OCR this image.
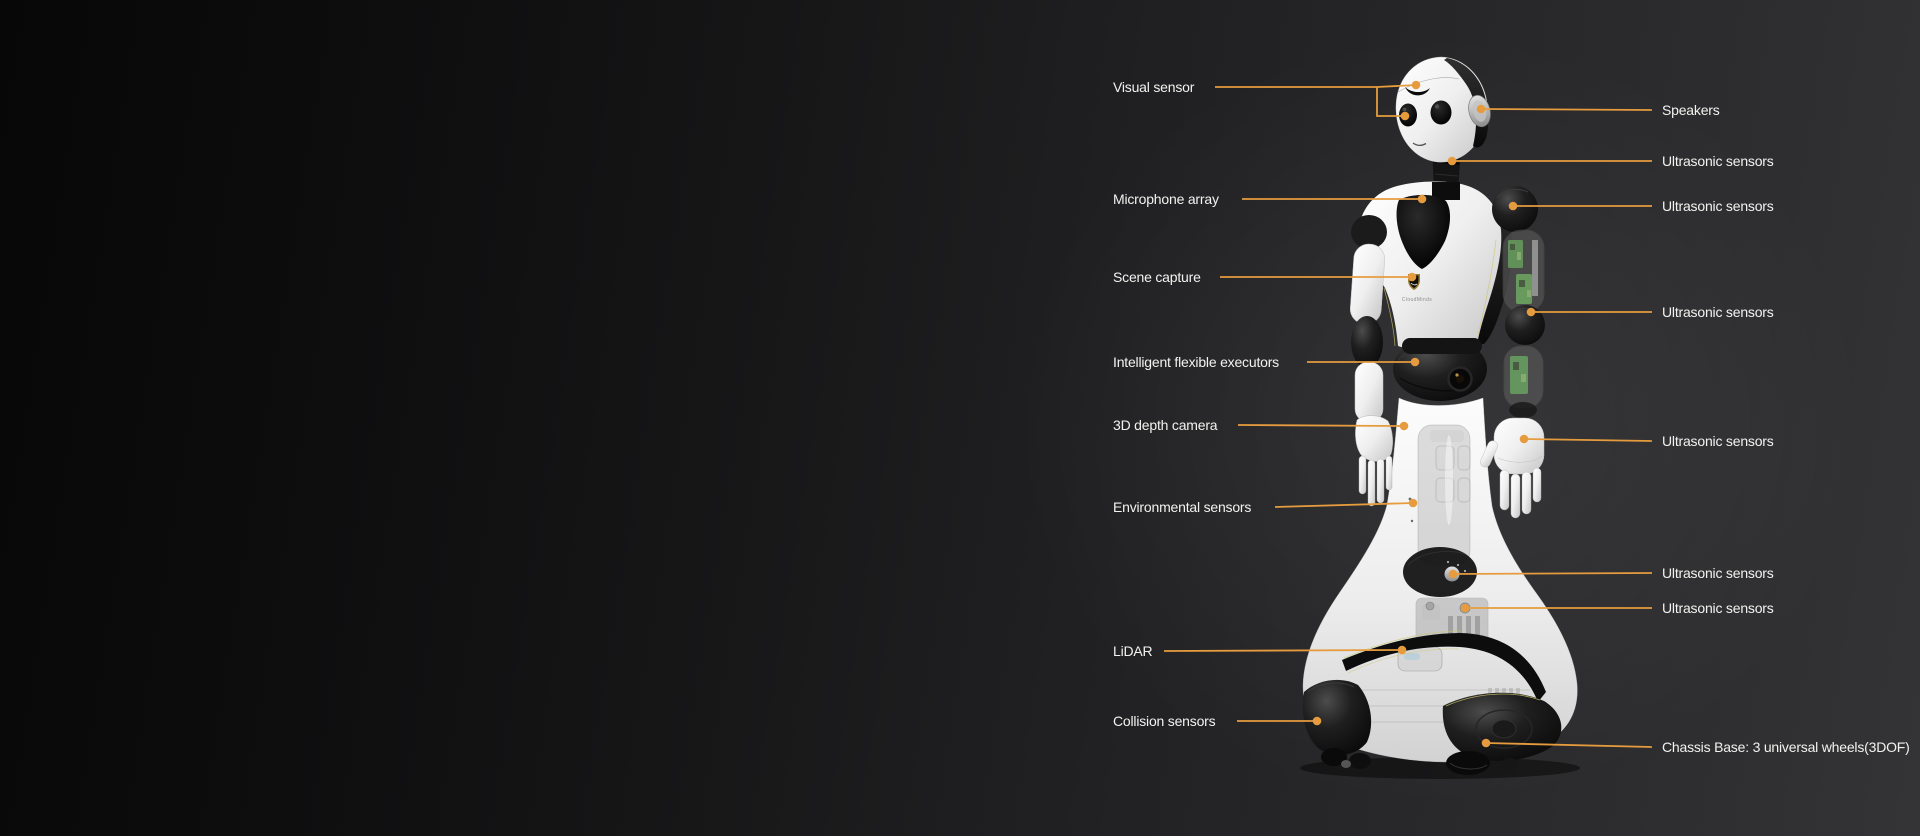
CloudMinds
Visual sensor
Microphone array
Scene capture
Intelligent flexible executors
3D depth camera
Environmental sensors
LiDAR
Collision sensors
Speakers
Ultrasonic sensors
Ultrasonic sensors
Ultrasonic sensors
Ultrasonic sensors
Ultrasonic sensors
Ultrasonic sensors
Chassis Base: 3 universal wheels(3DOF)
